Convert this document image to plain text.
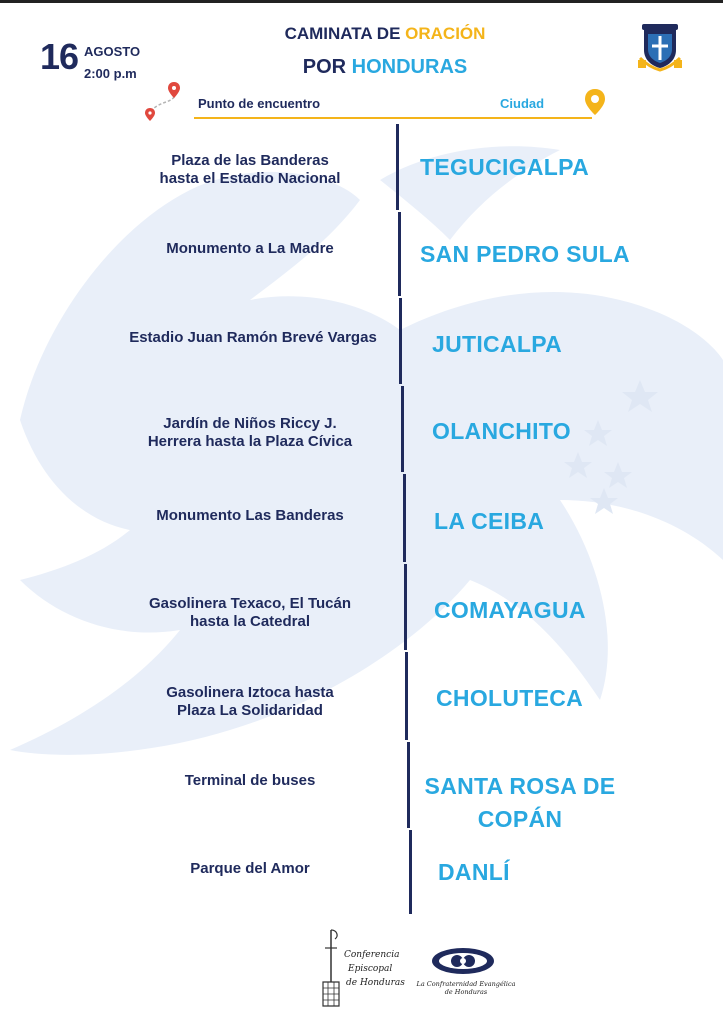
16 AGOSTO
2:00 p.m
CAMINATA DE ORACIÓN
POR HONDURAS
Punto de encuentro	Ciudad
Plaza de las Banderas
hasta el Estadio Nacional	TEGUCIGALPA
Monumento a La Madre	SAN PEDRO SULA
Estadio Juan Ramón Brevé Vargas	JUTICALPA
Jardín de Niños Riccy J.
Herrera hasta la Plaza Cívica	OLANCHITO
Monumento Las Banderas	LA CEIBA
Gasolinera Texaco, El Tucán
hasta la Catedral	COMAYAGUA
Gasolinera Iztoca hasta
Plaza La Solidaridad	CHOLUTECA
Terminal de buses	SANTA ROSA DE
COPÁN
Parque del Amor	DANLÍ
Conferencia
Episcopal
de Honduras La Confraternidad Evangélica
de Honduras
